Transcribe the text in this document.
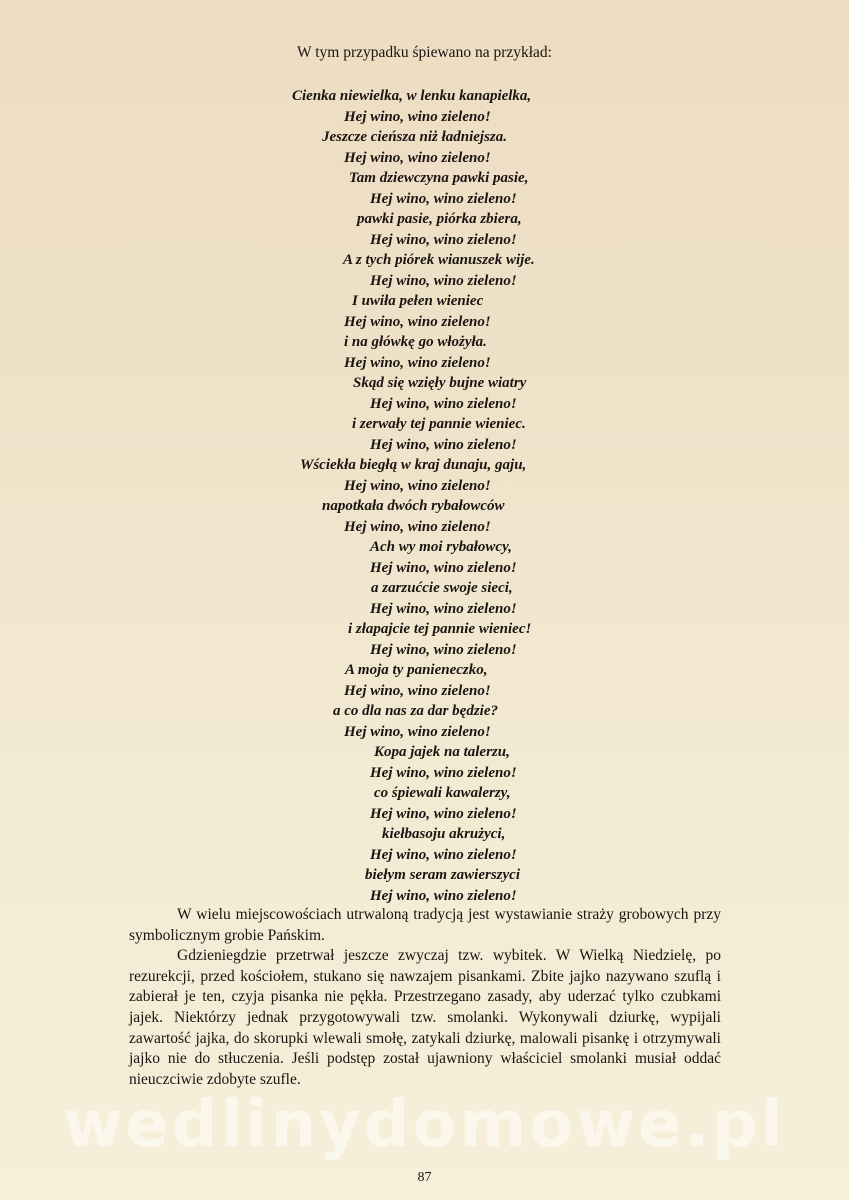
W tym przypadku śpiewano na przykład:

Cienka niewielka, w lenku kanapielka,
Hej wino, wino zieleno!
Jeszcze cieńsza niż ładniejsza.
Hej wino, wino zieleno!
Tam dziewczyna pawki pasie,
Hej wino, wino zieleno!
pawki pasie, piórka zbiera,
Hej wino, wino zieleno!
A z tych piórek wianuszek wije.
Hej wino, wino zieleno!
I uwiła pełen wieniec
Hej wino, wino zieleno!
i na główkę go włożyła.
Hej wino, wino zieleno!
Skąd się wzięły bujne wiatry
Hej wino, wino zieleno!
i zerwały tej pannie wieniec.
Hej wino, wino zieleno!
Wściekła biegłą w kraj dunaju, gaju,
Hej wino, wino zieleno!
napotkała dwóch rybałowców
Hej wino, wino zieleno!
Ach wy moi rybałowcy,
Hej wino, wino zieleno!
a zarzućcie swoje sieci,
Hej wino, wino zieleno!
i złapajcie tej pannie wieniec!
Hej wino, wino zieleno!
A moja ty panieneczko,
Hej wino, wino zieleno!
a co dla nas za dar będzie?
Hej wino, wino zieleno!
Kopa jajek na talerzu,
Hej wino, wino zieleno!
co śpiewali kawalerzy,
Hej wino, wino zieleno!
kiełbasoju akrużyci,
Hej wino, wino zieleno!
biełym seram zawierszyci
Hej wino, wino zieleno!

W wielu miejscowościach utrwaloną tradycją jest wystawianie straży grobowych przy symbolicznym grobie Pańskim.

Gdzieniegdzie przetrwał jeszcze zwyczaj tzw. wybitek. W Wielką Niedzielę, po rezurekcji, przed kościołem, stukano się nawzajem pisankami. Zbite jajko nazywano szuflą i zabierał je ten, czyja pisanka nie pękła. Przestrzegano zasady, aby uderzać tylko czubkami jajek. Niektórzy jednak przygotowywali tzw. smolanki. Wykonywali dziurkę, wypijali zawartość jajka, do skorupki wlewali smołę, zatykali dziurkę, malowali pisankę i otrzymywali jajko nie do stłuczenia. Jeśli podstęp został ujawniony właściciel smolanki musiał oddać nieuczciwie zdobyte szufle.

wedlinydomowe.pl
87
